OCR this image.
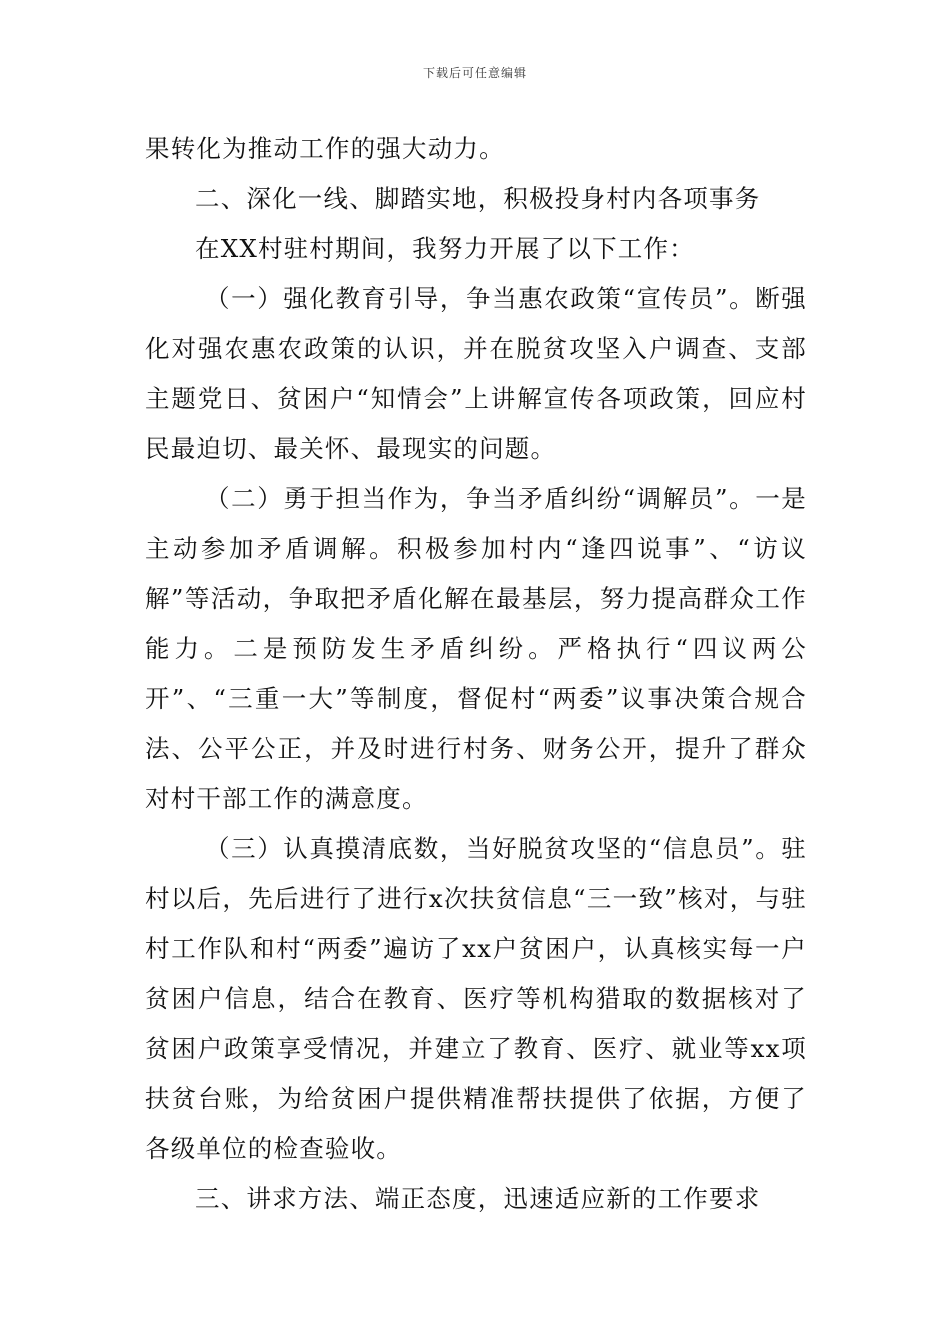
下载后可任意编辑

果转化为推动工作的强大动力。

二、深化一线、脚踏实地，积极投身村内各项事务

在XX村驻村期间，我努力开展了以下工作：

（一）强化教育引导，争当惠农政策“宣传员”。断强化对强农惠农政策的认识，并在脱贫攻坚入户调查、支部主题党日、贫困户“知情会”上讲解宣传各项政策，回应村民最迫切、最关怀、最现实的问题。

（二）勇于担当作为，争当矛盾纠纷“调解员”。一是主动参加矛盾调解。积极参加村内“逢四说事”、“访议解”等活动，争取把矛盾化解在最基层，努力提高群众工作能力。二是预防发生矛盾纠纷。严格执行“四议两公开”、“三重一大”等制度，督促村“两委”议事决策合规合法、公平公正，并及时进行村务、财务公开，提升了群众对村干部工作的满意度。

（三）认真摸清底数，当好脱贫攻坚的“信息员”。驻村以后，先后进行了进行x次扶贫信息“三一致”核对，与驻村工作队和村“两委”遍访了xx户贫困户，认真核实每一户贫困户信息，结合在教育、医疗等机构猎取的数据核对了贫困户政策享受情况，并建立了教育、医疗、就业等xx项扶贫台账，为给贫困户提供精准帮扶提供了依据，方便了各级单位的检查验收。

三、讲求方法、端正态度，迅速适应新的工作要求
